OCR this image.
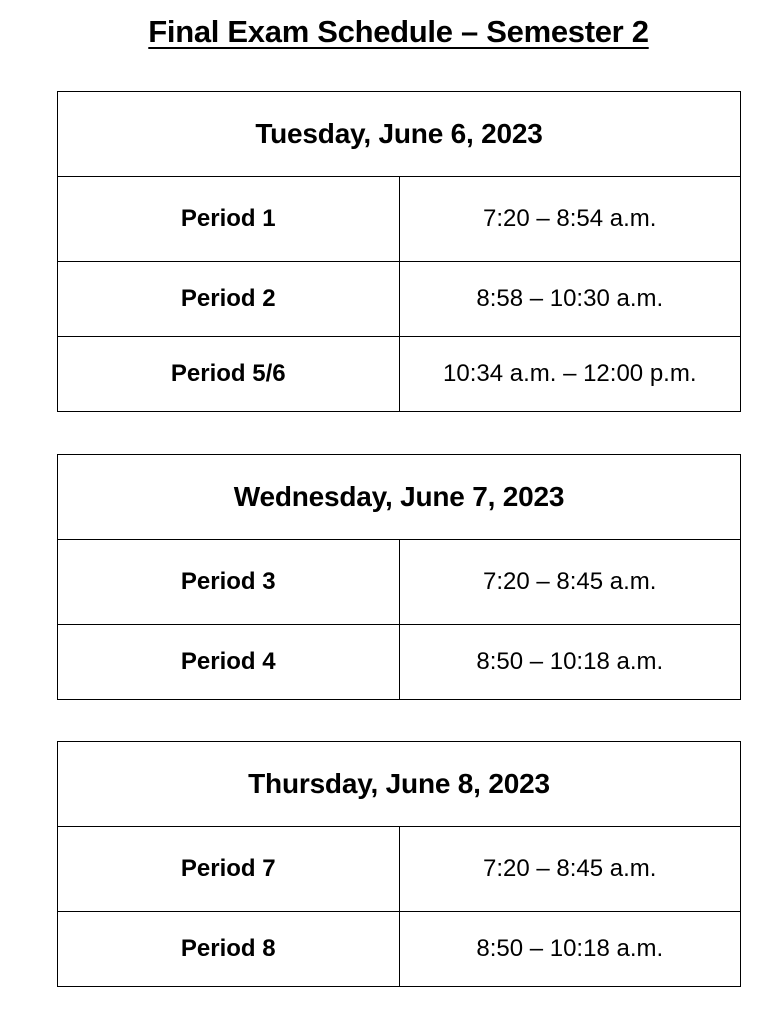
Final Exam Schedule – Semester 2
Tuesday, June 6, 2023	
Period 1	7:20 – 8:54 a.m.
Period 2	8:58 – 10:30 a.m.
Period 5/6	10:34 a.m. – 12:00 p.m.
Wednesday, June 7, 2023	
Period 3	7:20 – 8:45 a.m.
Period 4	8:50 – 10:18 a.m.
Thursday, June 8, 2023	
Period 7	7:20 – 8:45 a.m.
Period 8	8:50 – 10:18 a.m.
